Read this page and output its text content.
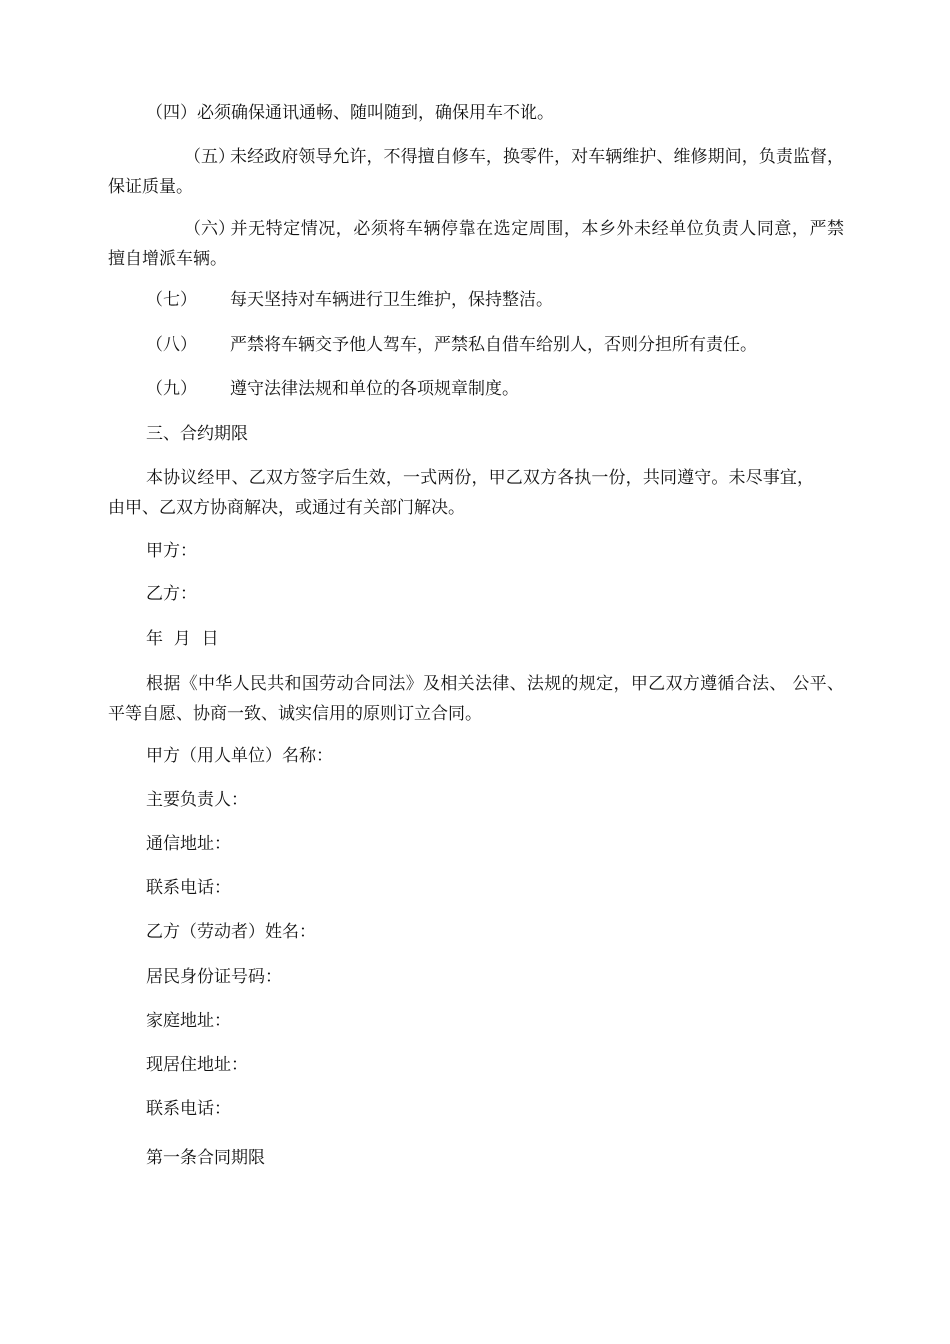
（四）必须确保通讯通畅、随叫随到，确保用车不讹。
（五）未经政府领导允许，不得擅自修车，换零件，对车辆维护、维修期间，负责监督， 保证质量。
（六）并无特定情况，必须将车辆停靠在选定周围，本乡外未经单位负责人同意，严禁 擅自增派车辆。
（七） 每天坚持对车辆进行卫生维护，保持整洁。
（八） 严禁将车辆交予他人驾车，严禁私自借车给别人，否则分担所有责任。
（九） 遵守法律法规和单位的各项规章制度。
三、合约期限
本协议经甲、乙双方签字后生效，一式两份，甲乙双方各执一份，共同遵守。未尽事宜，由甲、乙双方协商解决，或通过有关部门解决。
甲方：
乙方：
年  月  日
根据《中华人民共和国劳动合同法》及相关法律、法规的规定，甲乙双方遵循合法、 公平、平等自愿、协商一致、诚实信用的原则订立合同。
甲方（用人单位）名称：
主要负责人：
通信地址：
联系电话：
乙方（劳动者）姓名：
居民身份证号码：
家庭地址：
现居住地址：
联系电话：
第一条合同期限
